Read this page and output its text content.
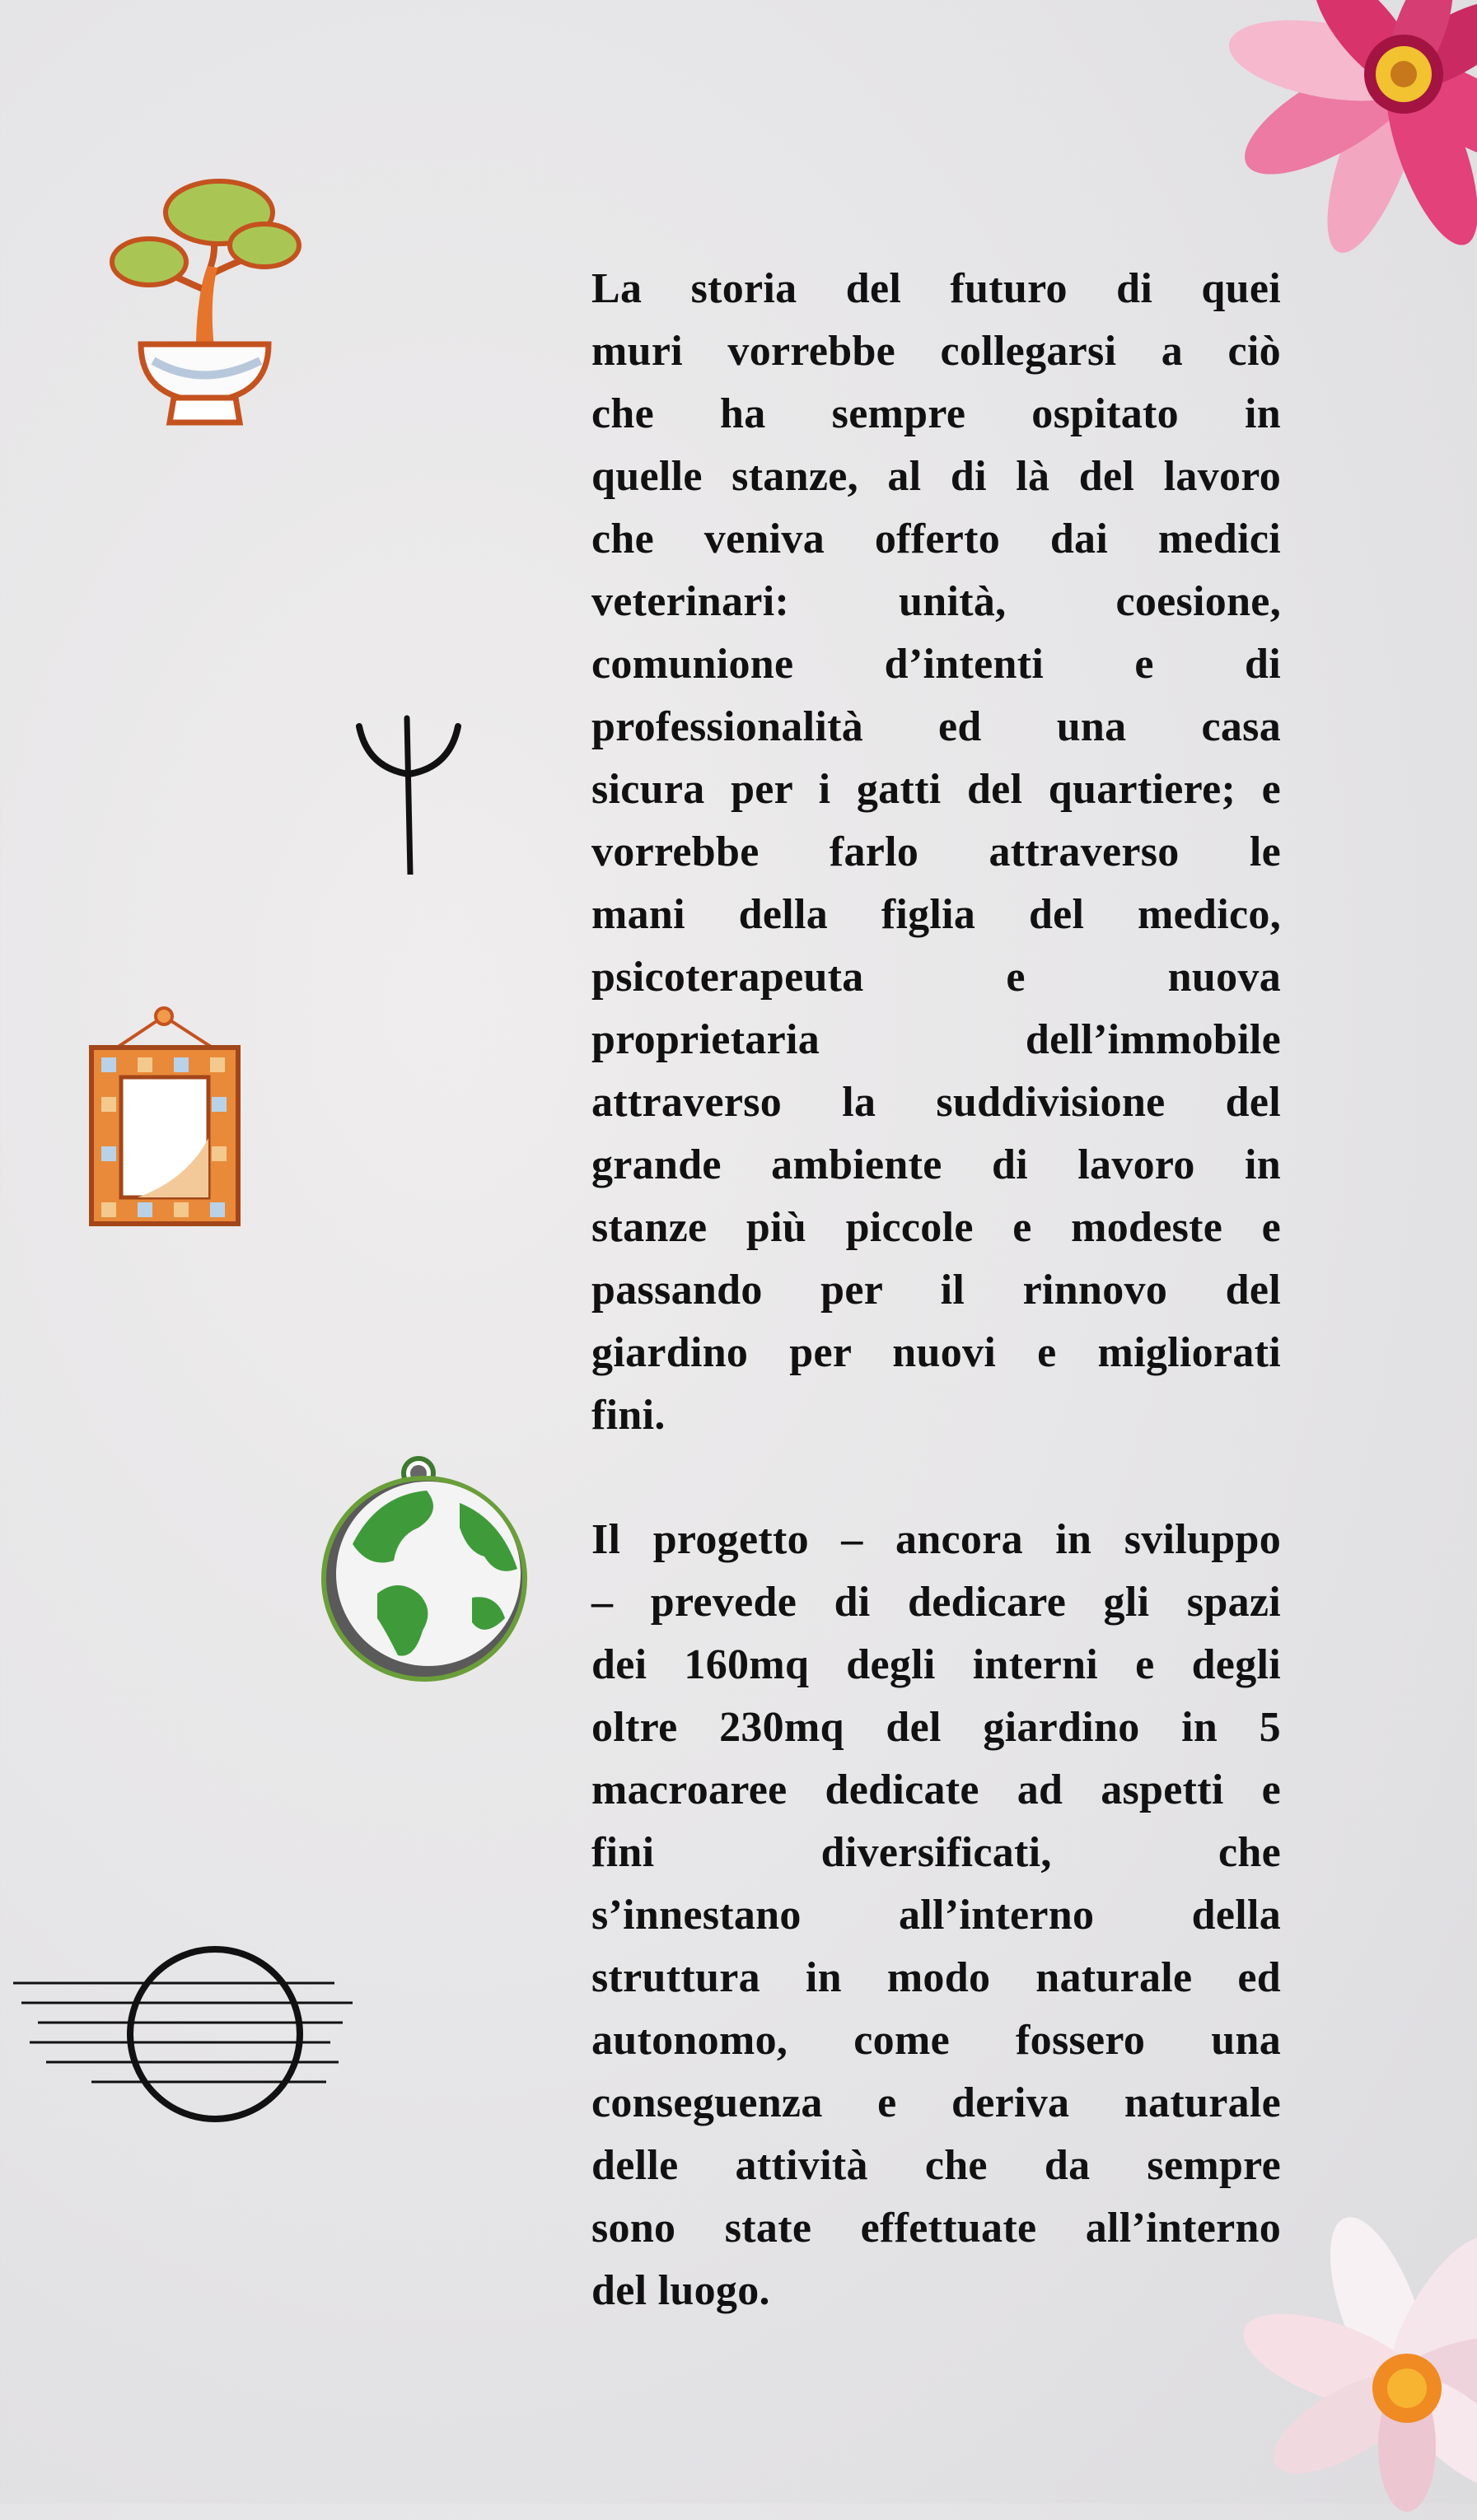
La storia del futuro di quei
muri vorrebbe collegarsi a ciò
che ha sempre ospitato in
quelle stanze, al di là del lavoro
che veniva offerto dai medici
veterinari: unità, coesione,
comunione d’intenti e di
professionalità ed una casa
sicura per i gatti del quartiere; e
vorrebbe farlo attraverso le
mani della figlia del medico,
psicoterapeuta e nuova
proprietaria dell’immobile
attraverso la suddivisione del
grande ambiente di lavoro in
stanze più piccole e modeste e
passando per il rinnovo del
giardino per nuovi e migliorati
fini.
Il progetto – ancora in sviluppo
– prevede di dedicare gli spazi
dei 160mq degli interni e degli
oltre 230mq del giardino in 5
macroaree dedicate ad aspetti e
fini diversificati, che
s’innestano all’interno della
struttura in modo naturale ed
autonomo, come fossero una
conseguenza e deriva naturale
delle attività che da sempre
sono state effettuate all’interno
del luogo.
